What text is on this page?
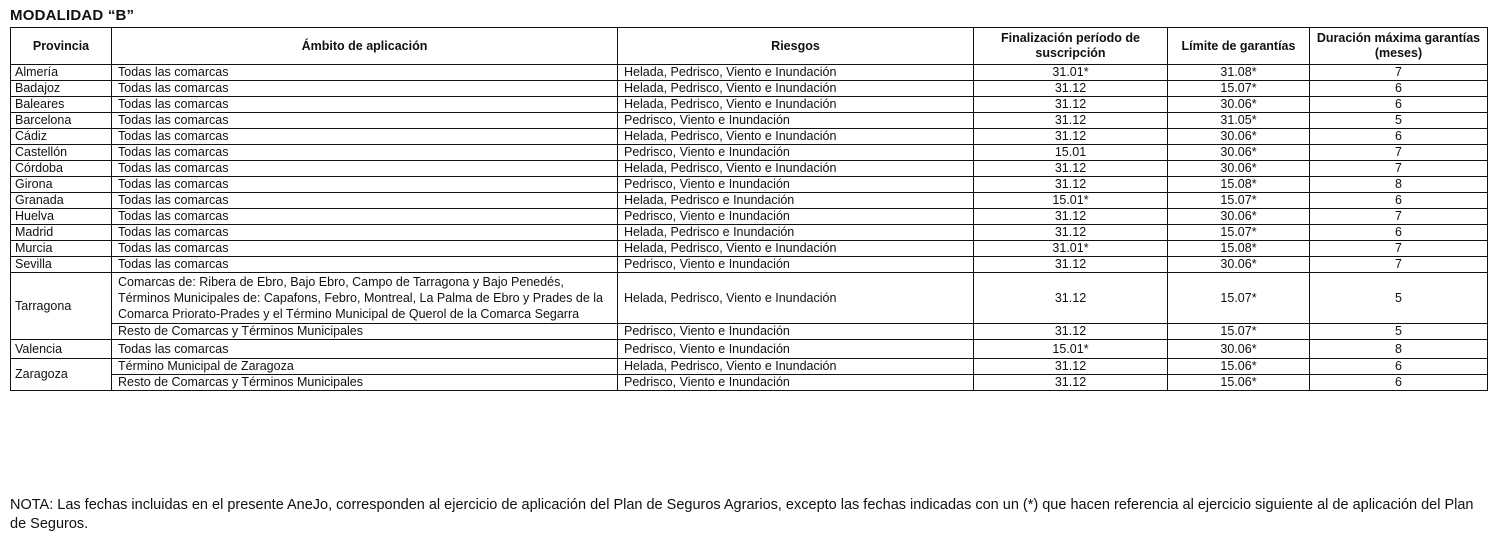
MODALIDAD “B”
Provincia	Ámbito de aplicación	Riesgos	Finalización período de suscripción	Límite de garantías	Duración máxima garantías (meses)
Almería	Todas las comarcas	Helada, Pedrisco, Viento e Inundación	31.01*	31.08*	7
Badajoz	Todas las comarcas	Helada, Pedrisco, Viento e Inundación	31.12	15.07*	6
Baleares	Todas las comarcas	Helada, Pedrisco, Viento e Inundación	31.12	30.06*	6
Barcelona	Todas las comarcas	Pedrisco, Viento e Inundación	31.12	31.05*	5
Cádiz	Todas las comarcas	Helada, Pedrisco, Viento e Inundación	31.12	30.06*	6
Castellón	Todas las comarcas	Pedrisco, Viento e Inundación	15.01	30.06*	7
Córdoba	Todas las comarcas	Helada, Pedrisco, Viento e Inundación	31.12	30.06*	7
Girona	Todas las comarcas	Pedrisco, Viento e Inundación	31.12	15.08*	8
Granada	Todas las comarcas	Helada, Pedrisco e Inundación	15.01*	15.07*	6
Huelva	Todas las comarcas	Pedrisco, Viento e Inundación	31.12	30.06*	7
Madrid	Todas las comarcas	Helada, Pedrisco e Inundación	31.12	15.07*	6
Murcia	Todas las comarcas	Helada, Pedrisco, Viento e Inundación	31.01*	15.08*	7
Sevilla	Todas las comarcas	Pedrisco, Viento e Inundación	31.12	30.06*	7
Tarragona	Comarcas de: Ribera de Ebro, Bajo Ebro, Campo de Tarragona y Bajo Penedés, Términos Municipales de: Capafons, Febro, Montreal, La Palma de Ebro y Prades de la Comarca Priorato-Prades y el Término Municipal de Querol de la Comarca Segarra	Helada, Pedrisco, Viento e Inundación	31.12	15.07*	5
	Resto de Comarcas y Términos Municipales	Pedrisco, Viento e Inundación	31.12	15.07*	5
Valencia	Todas las comarcas	Pedrisco, Viento e Inundación	15.01*	30.06*	8
Zaragoza	Término Municipal de Zaragoza	Helada, Pedrisco, Viento e Inundación	31.12	15.06*	6
	Resto de Comarcas y Términos Municipales	Pedrisco, Viento e Inundación	31.12	15.06*	6
NOTA: Las fechas incluidas en el presente AneJo, corresponden al ejercicio de aplicación del Plan de Seguros Agrarios, excepto las fechas indicadas con un (*) que hacen referencia al ejercicio siguiente al de aplicación del Plan de Seguros.
